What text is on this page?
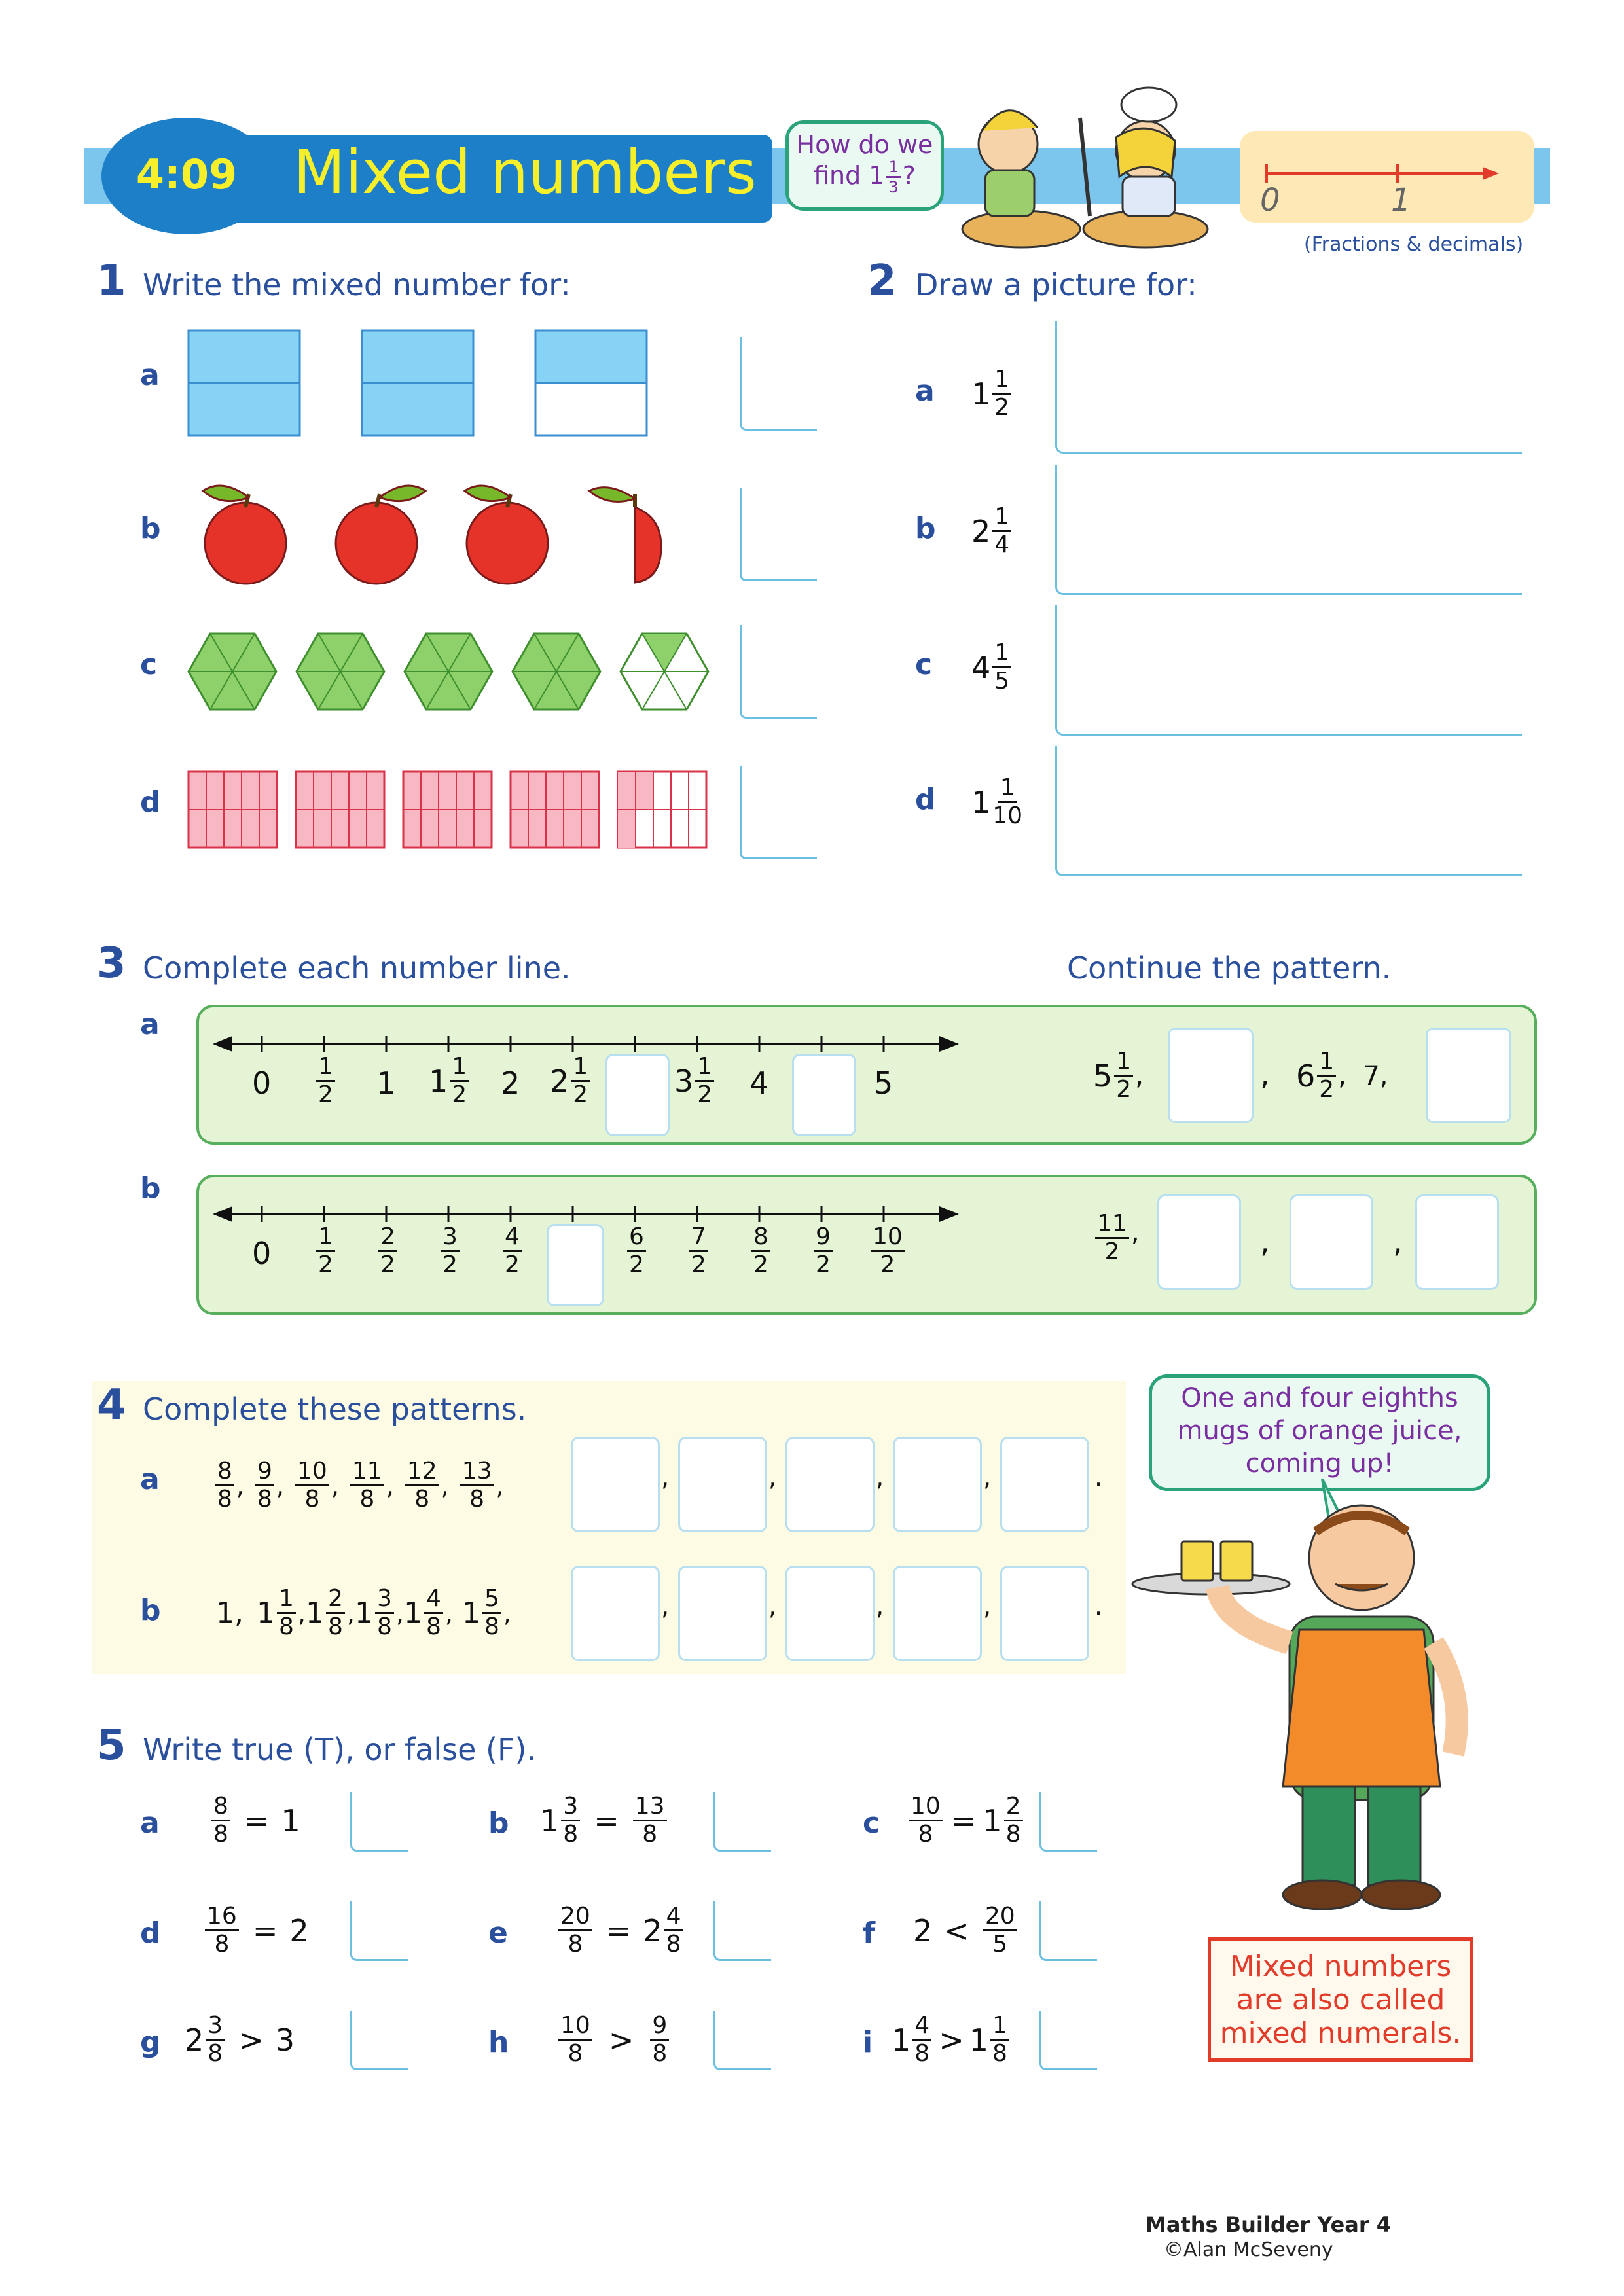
4:09 Mixed numbers	How do we
find $1 \frac{1}{3}$ ?
0	1
(Fractions & decimals)
1 Write the mixed number for:
a
b
c
d
2 Draw a picture for:
a $1 \frac{1}{2}$
b $2 \frac{1}{4}$
c $4 \frac{1}{5}$
d $1 \frac{1}{10}$
3 Complete each number line.	Continue the pattern.
a
b
$0 \frac{1}{2} 1$ $1 \frac{1}{2} 2$ $2 \frac{1}{2}$	$3 \frac{1}{2} 4$	5	$5 \frac{1}{2}$ ,	, $6 \frac{1}{2}$ ,  7,
$0 \frac{1}{2} \frac{2}{2} \frac{3}{2} \frac{4}{2}$	$\frac{6}{2} \frac{7}{2} \frac{8}{2} \frac{9}{2} \frac{10}{2}$	$\frac{11}{2}$ ,	,	,
4 Complete these patterns.
a $\frac{8}{8}$ , $\frac{9}{8}$ , $\frac{10}{8}$ , $\frac{11}{8}$ , $\frac{12}{8}$ , $\frac{13}{8}$ ,	,	,	,	,	.
b 1, $1 \frac{1}{8}$ , $1 \frac{2}{8}$ , $1 \frac{3}{8}$ , $1 \frac{4}{8}$ , $1 \frac{5}{8}$ ,	,	,	,	,	.
5 Write true (T), or false (F).
a $\frac{8}{8} = 1$	b $1 \frac{3}{8} = \frac{13}{8}$	c $\frac{10}{8} = 1 \frac{2}{8}$
d $\frac{16}{8} = 2$	e $\frac{20}{8} = 2 \frac{4}{8}$	f $2 < \frac{20}{5}$
g $2 \frac{3}{8} > 3$	h $\frac{10}{8} > \frac{9}{8}$	i $1 \frac{4}{8} > 1 \frac{1}{8}$
One and four eighths
mugs of orange juice,
coming up!
Mixed numbers
are also called
mixed numerals.
Maths Builder Year 4
©Alan McSeveny
